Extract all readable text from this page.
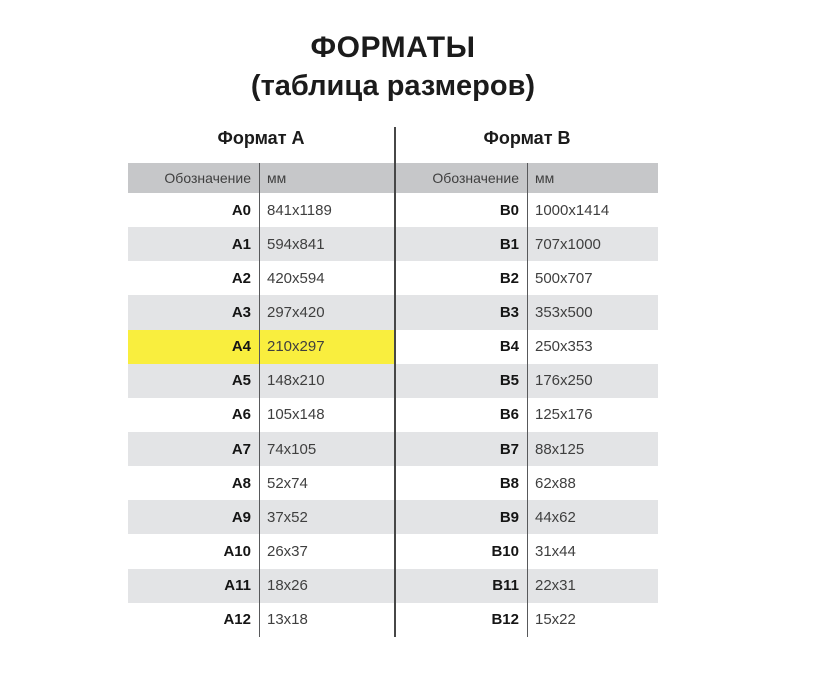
ФОРМАТЫ
(таблица размеров)
Формат А	Формат В
Обозначение	мм
A0	841x1189
A1	594x841
A2	420x594
A3	297x420
A4	210x297
A5	148x210
A6	105x148
A7	74x105
A8	52x74
A9	37x52
A10	26x37
A11	18x26
A12	13x18
Обозначение	мм
B0	1000x1414
B1	707x1000
B2	500x707
B3	353x500
B4	250x353
B5	176x250
B6	125x176
B7	88x125
B8	62x88
B9	44x62
B10	31x44
B11	22x31
B12	15x22
